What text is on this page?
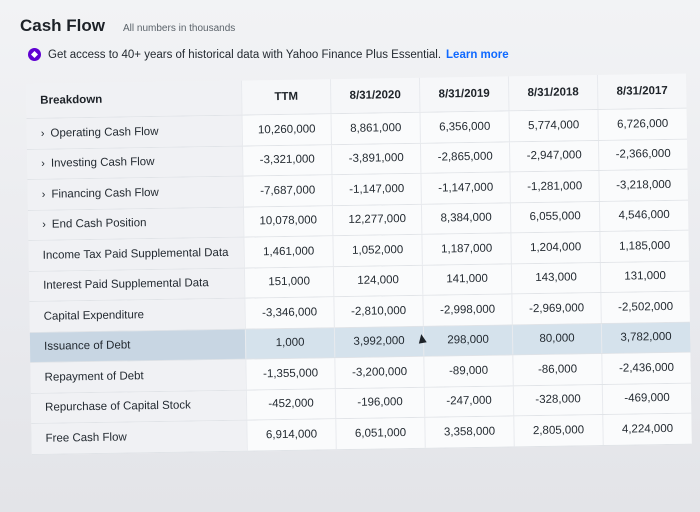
Cash Flow All numbers in thousands
Get access to 40+ years of historical data with Yahoo Finance Plus Essential. Learn more
Breakdown	TTM	8/31/2020	8/31/2019	8/31/2018	8/31/2017
› Operating Cash Flow	10,260,000	8,861,000	6,356,000	5,774,000	6,726,000
› Investing Cash Flow	-3,321,000	-3,891,000	-2,865,000	-2,947,000	-2,366,000
› Financing Cash Flow	-7,687,000	-1,147,000	-1,147,000	-1,281,000	-3,218,000
› End Cash Position	10,078,000	12,277,000	8,384,000	6,055,000	4,546,000
Income Tax Paid Supplemental Data	1,461,000	1,052,000	1,187,000	1,204,000	1,185,000
Interest Paid Supplemental Data	151,000	124,000	141,000	143,000	131,000
Capital Expenditure	-3,346,000	-2,810,000	-2,998,000	-2,969,000	-2,502,000
Issuance of Debt	1,000	3,992,000	298,000	80,000	3,782,000
Repayment of Debt	-1,355,000	-3,200,000	-89,000	-86,000	-2,436,000
Repurchase of Capital Stock	-452,000	-196,000	-247,000	-328,000	-469,000
Free Cash Flow	6,914,000	6,051,000	3,358,000	2,805,000	4,224,000
